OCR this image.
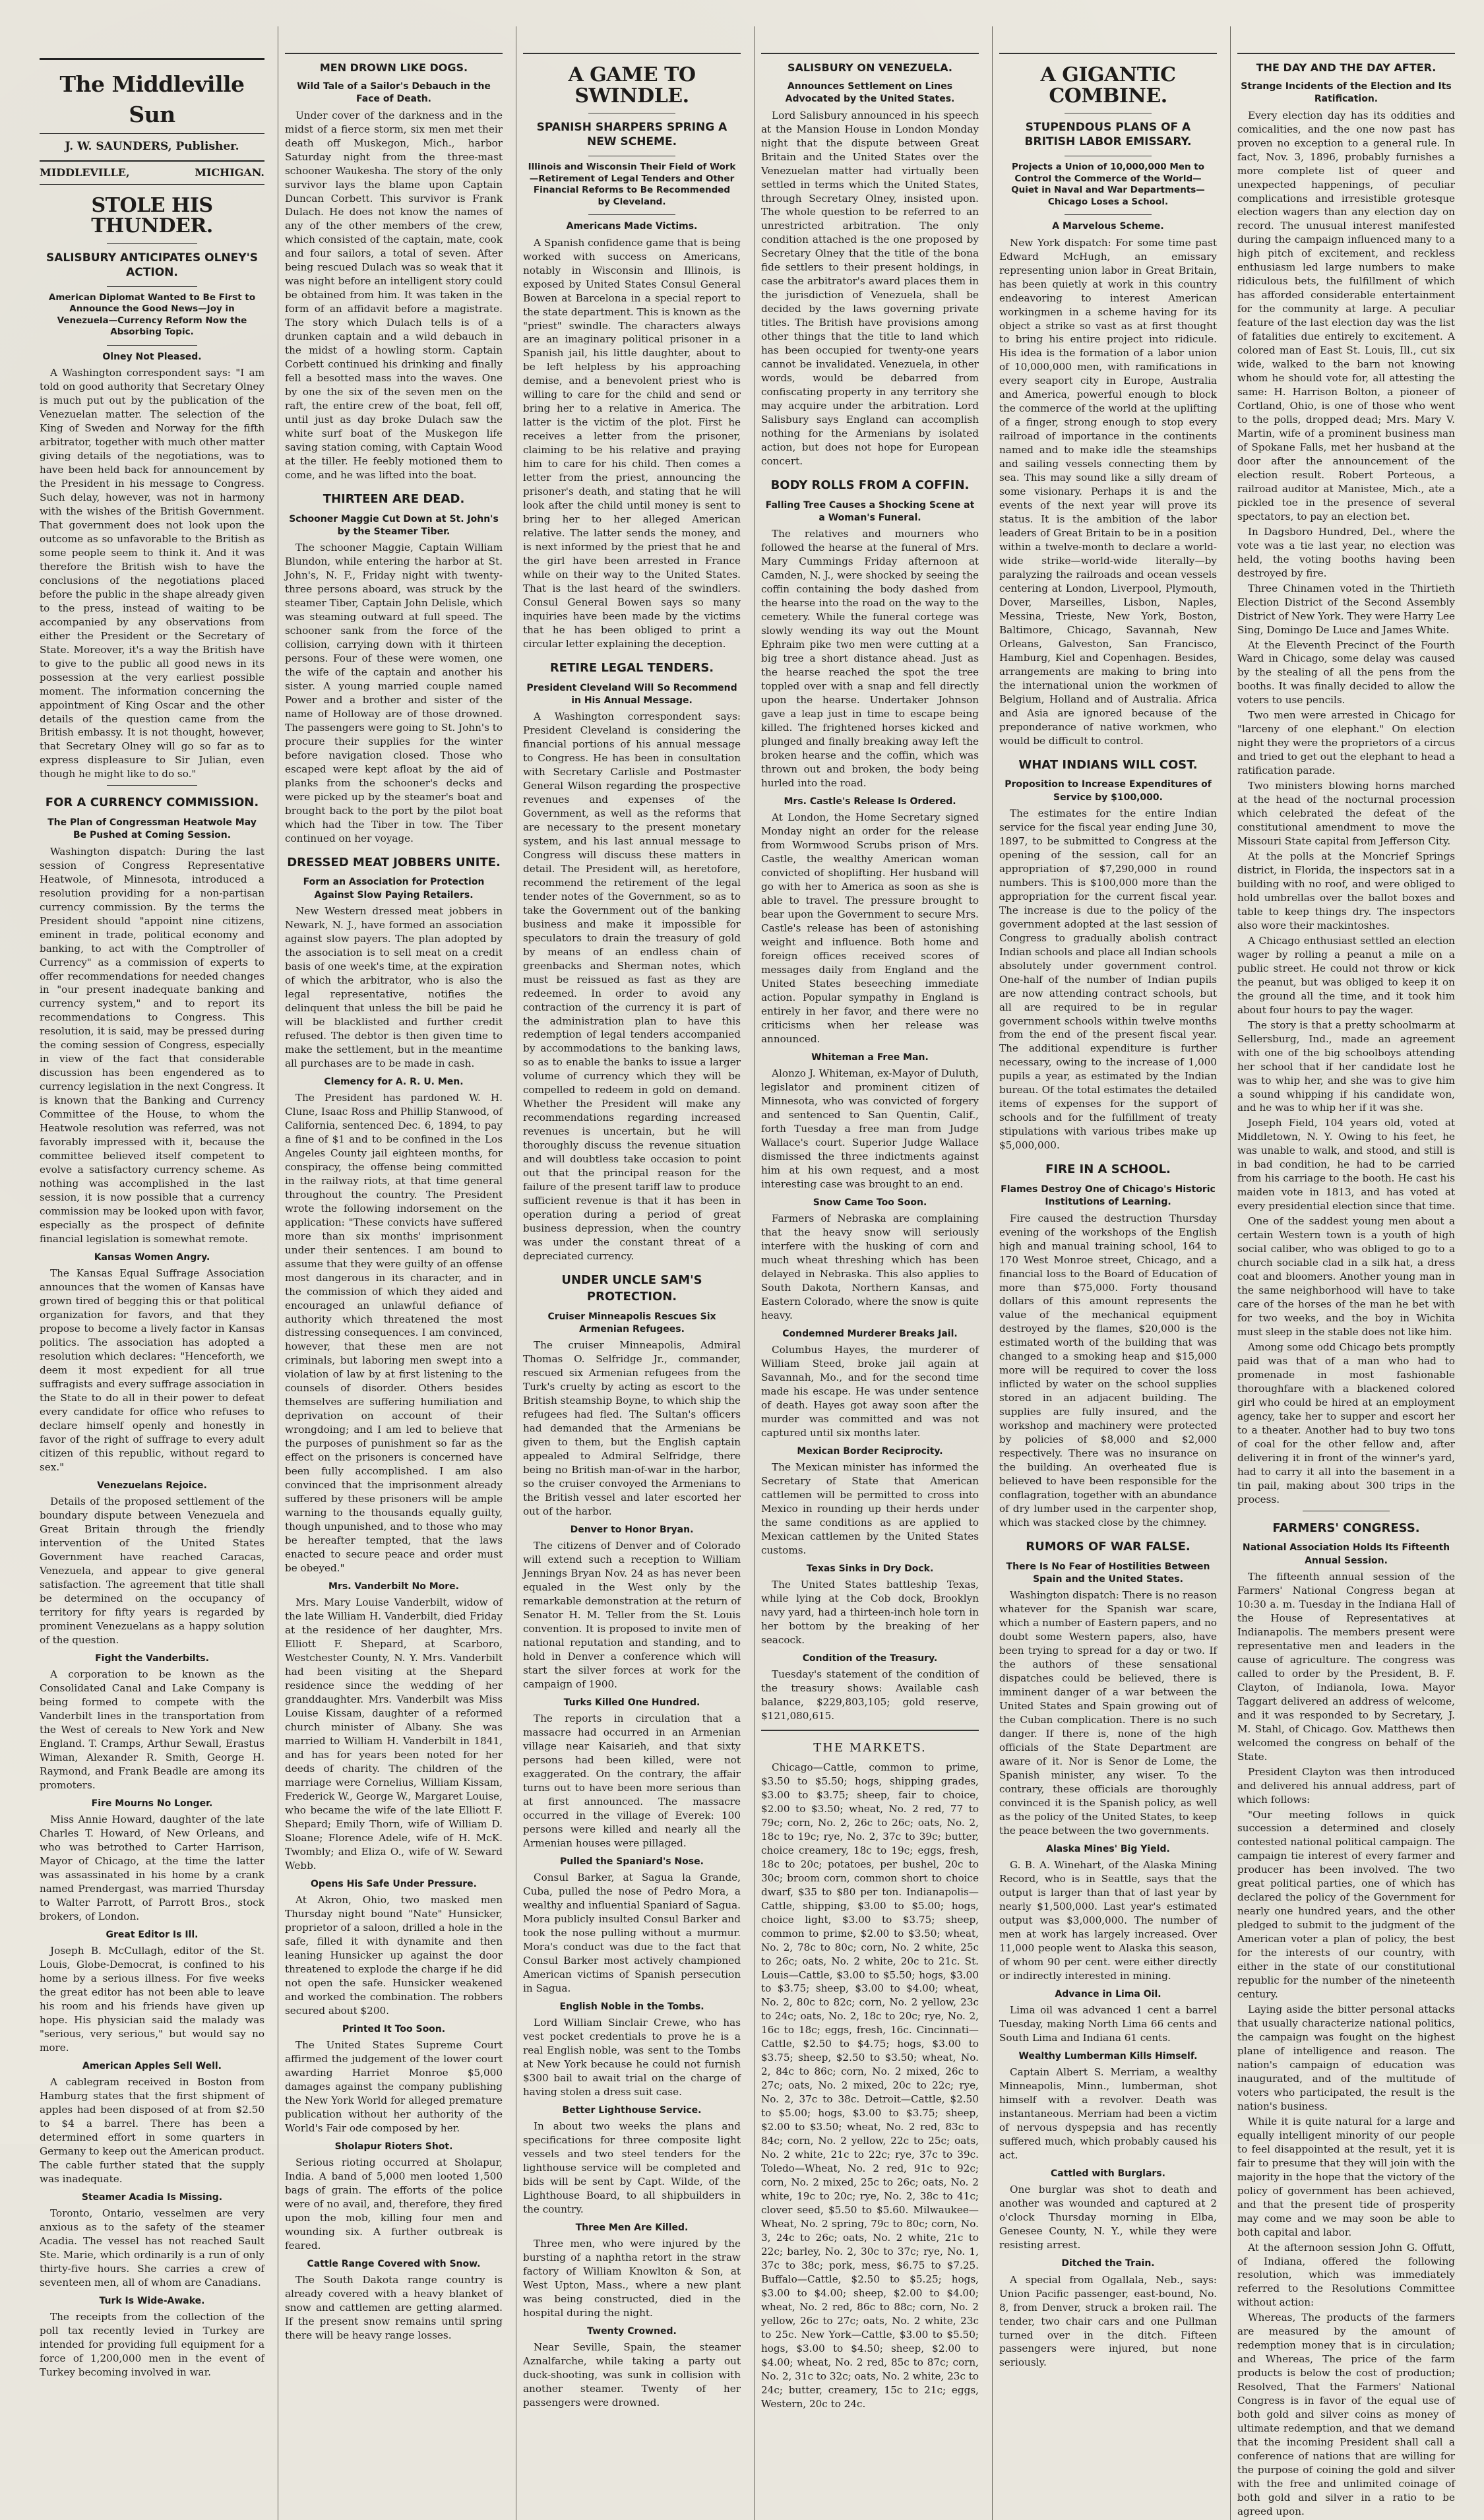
The Middleville Sun
J. W. SAUNDERS, Publisher.
MIDDLEVILLE,	MICHIGAN.
STOLE HIS THUNDER.
SALISBURY ANTICIPATES OLNEY'S ACTION.
American Diplomat Wanted to Be First to Announce the Good News—Joy in Venezuela—Currency Reform Now the Absorbing Topic.
Olney Not Pleased.

A Washington correspondent says: "I am told on good authority that Secretary Olney is much put out by the publication of the Venezuelan matter. The selection of the King of Sweden and Norway for the fifth arbitrator, together with much other matter giving details of the negotiations, was to have been held back for announcement by the President in his message to Congress. Such delay, however, was not in harmony with the wishes of the British Government. That government does not look upon the outcome as so unfavorable to the British as some people seem to think it. And it was therefore the British wish to have the conclusions of the negotiations placed before the public in the shape already given to the press, instead of waiting to be accompanied by any observations from either the President or the Secretary of State. Moreover, it's a way the British have to give to the public all good news in its possession at the very earliest possible moment. The information concerning the appointment of King Oscar and the other details of the question came from the British embassy. It is not thought, however, that Secretary Olney will go so far as to express displeasure to Sir Julian, even though he might like to do so."

FOR A CURRENCY COMMISSION.
The Plan of Congressman Heatwole May Be Pushed at Coming Session.

Washington dispatch: During the last session of Congress Representative Heatwole, of Minnesota, introduced a resolution providing for a non-partisan currency commission. By the terms the President should "appoint nine citizens, eminent in trade, political economy and banking, to act with the Comptroller of Currency" as a commission of experts to offer recommendations for needed changes in "our present inadequate banking and currency system," and to report its recommendations to Congress. This resolution, it is said, may be pressed during the coming session of Congress, especially in view of the fact that considerable discussion has been engendered as to currency legislation in the next Congress. It is known that the Banking and Currency Committee of the House, to whom the Heatwole resolution was referred, was not favorably impressed with it, because the committee believed itself competent to evolve a satisfactory currency scheme. As nothing was accomplished in the last session, it is now possible that a currency commission may be looked upon with favor, especially as the prospect of definite financial legislation is somewhat remote.

Kansas Women Angry.

The Kansas Equal Suffrage Association announces that the women of Kansas have grown tired of begging this or that political organization for favors, and that they propose to become a lively factor in Kansas politics. The association has adopted a resolution which declares: "Henceforth, we deem it most expedient for all true suffragists and every suffrage association in the State to do all in their power to defeat every candidate for office who refuses to declare himself openly and honestly in favor of the right of suffrage to every adult citizen of this republic, without regard to sex."

Venezuelans Rejoice.

Details of the proposed settlement of the boundary dispute between Venezuela and Great Britain through the friendly intervention of the United States Government have reached Caracas, Venezuela, and appear to give general satisfaction. The agreement that title shall be determined on the occupancy of territory for fifty years is regarded by prominent Venezuelans as a happy solution of the question.

Fight the Vanderbilts.

A corporation to be known as the Consolidated Canal and Lake Company is being formed to compete with the Vanderbilt lines in the transportation from the West of cereals to New York and New England. T. Cramps, Arthur Sewall, Erastus Wiman, Alexander R. Smith, George H. Raymond, and Frank Beadle are among its promoters.

Fire Mourns No Longer.

Miss Annie Howard, daughter of the late Charles T. Howard, of New Orleans, and who was betrothed to Carter Harrison, Mayor of Chicago, at the time the latter was assassinated in his home by a crank named Prendergast, was married Thursday to Walter Parrott, of Parrott Bros., stock brokers, of London.

Great Editor Is Ill.

Joseph B. McCullagh, editor of the St. Louis, Globe-Democrat, is confined to his home by a serious illness. For five weeks the great editor has not been able to leave his room and his friends have given up hope. His physician said the malady was "serious, very serious," but would say no more.

American Apples Sell Well.

A cablegram received in Boston from Hamburg states that the first shipment of apples had been disposed of at from $2.50 to $4 a barrel. There has been a determined effort in some quarters in Germany to keep out the American product. The cable further stated that the supply was inadequate.

Steamer Acadia Is Missing.

Toronto, Ontario, vesselmen are very anxious as to the safety of the steamer Acadia. The vessel has not reached Sault Ste. Marie, which ordinarily is a run of only thirty-five hours. She carries a crew of seventeen men, all of whom are Canadians.

Turk Is Wide-Awake.

The receipts from the collection of the poll tax recently levied in Turkey are intended for providing full equipment for a force of 1,200,000 men in the event of Turkey becoming involved in war.

MEN DROWN LIKE DOGS.
Wild Tale of a Sailor's Debauch in the Face of Death.

Under cover of the darkness and in the midst of a fierce storm, six men met their death off Muskegon, Mich., harbor Saturday night from the three-mast schooner Waukesha. The story of the only survivor lays the blame upon Captain Duncan Corbett. This survivor is Frank Dulach. He does not know the names of any of the other members of the crew, which consisted of the captain, mate, cook and four sailors, a total of seven. After being rescued Dulach was so weak that it was night before an intelligent story could be obtained from him. It was taken in the form of an affidavit before a magistrate. The story which Dulach tells is of a drunken captain and a wild debauch in the midst of a howling storm. Captain Corbett continued his drinking and finally fell a besotted mass into the waves. One by one the six of the seven men on the raft, the entire crew of the boat, fell off, until just as day broke Dulach saw the white surf boat of the Muskegon life saving station coming, with Captain Wood at the tiller. He feebly motioned them to come, and he was lifted into the boat.

THIRTEEN ARE DEAD.
Schooner Maggie Cut Down at St. John's by the Steamer Tiber.

The schooner Maggie, Captain William Blundon, while entering the harbor at St. John's, N. F., Friday night with twenty-three persons aboard, was struck by the steamer Tiber, Captain John Delisle, which was steaming outward at full speed. The schooner sank from the force of the collision, carrying down with it thirteen persons. Four of these were women, one the wife of the captain and another his sister. A young married couple named Power and a brother and sister of the name of Holloway are of those drowned. The passengers were going to St. John's to procure their supplies for the winter before navigation closed. Those who escaped were kept afloat by the aid of planks from the schooner's decks and were picked up by the steamer's boat and brought back to the port by the pilot boat which had the Tiber in tow. The Tiber continued on her voyage.

DRESSED MEAT JOBBERS UNITE.
Form an Association for Protection Against Slow Paying Retailers.

New Western dressed meat jobbers in Newark, N. J., have formed an association against slow payers. The plan adopted by the association is to sell meat on a credit basis of one week's time, at the expiration of which the arbitrator, who is also the legal representative, notifies the delinquent that unless the bill be paid he will be blacklisted and further credit refused. The debtor is then given time to make the settlement, but in the meantime all purchases are to be made in cash.

Clemency for A. R. U. Men.

The President has pardoned W. H. Clune, Isaac Ross and Phillip Stanwood, of California, sentenced Dec. 6, 1894, to pay a fine of $1 and to be confined in the Los Angeles County jail eighteen months, for conspiracy, the offense being committed in the railway riots, at that time general throughout the country. The President wrote the following indorsement on the application: "These convicts have suffered more than six months' imprisonment under their sentences. I am bound to assume that they were guilty of an offense most dangerous in its character, and in the commission of which they aided and encouraged an unlawful defiance of authority which threatened the most distressing consequences. I am convinced, however, that these men are not criminals, but laboring men swept into a violation of law by at first listening to the counsels of disorder. Others besides themselves are suffering humiliation and deprivation on account of their wrongdoing; and I am led to believe that the purposes of punishment so far as the effect on the prisoners is concerned have been fully accomplished. I am also convinced that the imprisonment already suffered by these prisoners will be ample warning to the thousands equally guilty, though unpunished, and to those who may be hereafter tempted, that the laws enacted to secure peace and order must be obeyed."

Mrs. Vanderbilt No More.

Mrs. Mary Louise Vanderbilt, widow of the late William H. Vanderbilt, died Friday at the residence of her daughter, Mrs. Elliott F. Shepard, at Scarboro, Westchester County, N. Y. Mrs. Vanderbilt had been visiting at the Shepard residence since the wedding of her granddaughter. Mrs. Vanderbilt was Miss Louise Kissam, daughter of a reformed church minister of Albany. She was married to William H. Vanderbilt in 1841, and has for years been noted for her deeds of charity. The children of the marriage were Cornelius, William Kissam, Frederick W., George W., Margaret Louise, who became the wife of the late Elliott F. Shepard; Emily Thorn, wife of William D. Sloane; Florence Adele, wife of H. McK. Twombly; and Eliza O., wife of W. Seward Webb.

Opens His Safe Under Pressure.

At Akron, Ohio, two masked men Thursday night bound "Nate" Hunsicker, proprietor of a saloon, drilled a hole in the safe, filled it with dynamite and then leaning Hunsicker up against the door threatened to explode the charge if he did not open the safe. Hunsicker weakened and worked the combination. The robbers secured about $200.

Printed It Too Soon.

The United States Supreme Court affirmed the judgement of the lower court awarding Harriet Monroe $5,000 damages against the company publishing the New York World for alleged premature publication without her authority of the World's Fair ode composed by her.

Sholapur Rioters Shot.

Serious rioting occurred at Sholapur, India. A band of 5,000 men looted 1,500 bags of grain. The efforts of the police were of no avail, and, therefore, they fired upon the mob, killing four men and wounding six. A further outbreak is feared.

Cattle Range Covered with Snow.

The South Dakota range country is already covered with a heavy blanket of snow and cattlemen are getting alarmed. If the present snow remains until spring there will be heavy range losses.

A GAME TO SWINDLE.
SPANISH SHARPERS SPRING A NEW SCHEME.
Illinois and Wisconsin Their Field of Work—Retirement of Legal Tenders and Other Financial Reforms to Be Recommended by Cleveland.
Americans Made Victims.

A Spanish confidence game that is being worked with success on Americans, notably in Wisconsin and Illinois, is exposed by United States Consul General Bowen at Barcelona in a special report to the state department. This is known as the "priest" swindle. The characters always are an imaginary political prisoner in a Spanish jail, his little daughter, about to be left helpless by his approaching demise, and a benevolent priest who is willing to care for the child and send or bring her to a relative in America. The latter is the victim of the plot. First he receives a letter from the prisoner, claiming to be his relative and praying him to care for his child. Then comes a letter from the priest, announcing the prisoner's death, and stating that he will look after the child until money is sent to bring her to her alleged American relative. The latter sends the money, and is next informed by the priest that he and the girl have been arrested in France while on their way to the United States. That is the last heard of the swindlers. Consul General Bowen says so many inquiries have been made by the victims that he has been obliged to print a circular letter explaining the deception.

RETIRE LEGAL TENDERS.
President Cleveland Will So Recommend in His Annual Message.

A Washington correspondent says: President Cleveland is considering the financial portions of his annual message to Congress. He has been in consultation with Secretary Carlisle and Postmaster General Wilson regarding the prospective revenues and expenses of the Government, as well as the reforms that are necessary to the present monetary system, and his last annual message to Congress will discuss these matters in detail. The President will, as heretofore, recommend the retirement of the legal tender notes of the Government, so as to take the Government out of the banking business and make it impossible for speculators to drain the treasury of gold by means of an endless chain of greenbacks and Sherman notes, which must be reissued as fast as they are redeemed. In order to avoid any contraction of the currency it is part of the administration plan to have this redemption of legal tenders accompanied by accommodations to the banking laws, so as to enable the banks to issue a larger volume of currency which they will be compelled to redeem in gold on demand. Whether the President will make any recommendations regarding increased revenues is uncertain, but he will thoroughly discuss the revenue situation and will doubtless take occasion to point out that the principal reason for the failure of the present tariff law to produce sufficient revenue is that it has been in operation during a period of great business depression, when the country was under the constant threat of a depreciated currency.

UNDER UNCLE SAM'S PROTECTION.
Cruiser Minneapolis Rescues Six Armenian Refugees.

The cruiser Minneapolis, Admiral Thomas O. Selfridge Jr., commander, rescued six Armenian refugees from the Turk's cruelty by acting as escort to the British steamship Boyne, to which ship the refugees had fled. The Sultan's officers had demanded that the Armenians be given to them, but the English captain appealed to Admiral Selfridge, there being no British man-of-war in the harbor, so the cruiser convoyed the Armenians to the British vessel and later escorted her out of the harbor.

Denver to Honor Bryan.

The citizens of Denver and of Colorado will extend such a reception to William Jennings Bryan Nov. 24 as has never been equaled in the West only by the remarkable demonstration at the return of Senator H. M. Teller from the St. Louis convention. It is proposed to invite men of national reputation and standing, and to hold in Denver a conference which will start the silver forces at work for the campaign of 1900.

Turks Killed One Hundred.

The reports in circulation that a massacre had occurred in an Armenian village near Kaisarieh, and that sixty persons had been killed, were not exaggerated. On the contrary, the affair turns out to have been more serious than at first announced. The massacre occurred in the village of Everek: 100 persons were killed and nearly all the Armenian houses were pillaged.

Pulled the Spaniard's Nose.

Consul Barker, at Sagua la Grande, Cuba, pulled the nose of Pedro Mora, a wealthy and influential Spaniard of Sagua. Mora publicly insulted Consul Barker and took the nose pulling without a murmur. Mora's conduct was due to the fact that Consul Barker most actively championed American victims of Spanish persecution in Sagua.

English Noble in the Tombs.

Lord William Sinclair Crewe, who has vest pocket credentials to prove he is a real English noble, was sent to the Tombs at New York because he could not furnish $300 bail to await trial on the charge of having stolen a dress suit case.

Better Lighthouse Service.

In about two weeks the plans and specifications for three composite light vessels and two steel tenders for the lighthouse service will be completed and bids will be sent by Capt. Wilde, of the Lighthouse Board, to all shipbuilders in the country.

Three Men Are Killed.

Three men, who were injured by the bursting of a naphtha retort in the straw factory of William Knowlton & Son, at West Upton, Mass., where a new plant was being constructed, died in the hospital during the night.

Twenty Crowned.

Near Seville, Spain, the steamer Aznalfarche, while taking a party out duck-shooting, was sunk in collision with another steamer. Twenty of her passengers were drowned.

SALISBURY ON VENEZUELA.
Announces Settlement on Lines Advocated by the United States.

Lord Salisbury announced in his speech at the Mansion House in London Monday night that the dispute between Great Britain and the United States over the Venezuelan matter had virtually been settled in terms which the United States, through Secretary Olney, insisted upon. The whole question to be referred to an unrestricted arbitration. The only condition attached is the one proposed by Secretary Olney that the title of the bona fide settlers to their present holdings, in case the arbitrator's award places them in the jurisdiction of Venezuela, shall be decided by the laws governing private titles. The British have provisions among other things that the title to land which has been occupied for twenty-one years cannot be invalidated. Venezuela, in other words, would be debarred from confiscating property in any territory she may acquire under the arbitration. Lord Salisbury says England can accomplish nothing for the Armenians by isolated action, but does not hope for European concert.

BODY ROLLS FROM A COFFIN.
Falling Tree Causes a Shocking Scene at a Woman's Funeral.

The relatives and mourners who followed the hearse at the funeral of Mrs. Mary Cummings Friday afternoon at Camden, N. J., were shocked by seeing the coffin containing the body dashed from the hearse into the road on the way to the cemetery. While the funeral cortege was slowly wending its way out the Mount Ephraim pike two men were cutting at a big tree a short distance ahead. Just as the hearse reached the spot the tree toppled over with a snap and fell directly upon the hearse. Undertaker Johnson gave a leap just in time to escape being killed. The frightened horses kicked and plunged and finally breaking away left the broken hearse and the coffin, which was thrown out and broken, the body being hurled into the road.

Mrs. Castle's Release Is Ordered.

At London, the Home Secretary signed Monday night an order for the release from Wormwood Scrubs prison of Mrs. Castle, the wealthy American woman convicted of shoplifting. Her husband will go with her to America as soon as she is able to travel. The pressure brought to bear upon the Government to secure Mrs. Castle's release has been of astonishing weight and influence. Both home and foreign offices received scores of messages daily from England and the United States beseeching immediate action. Popular sympathy in England is entirely in her favor, and there were no criticisms when her release was announced.

Whiteman a Free Man.

Alonzo J. Whiteman, ex-Mayor of Duluth, legislator and prominent citizen of Minnesota, who was convicted of forgery and sentenced to San Quentin, Calif., forth Tuesday a free man from Judge Wallace's court. Superior Judge Wallace dismissed the three indictments against him at his own request, and a most interesting case was brought to an end.

Snow Came Too Soon.

Farmers of Nebraska are complaining that the heavy snow will seriously interfere with the husking of corn and much wheat threshing which has been delayed in Nebraska. This also applies to South Dakota, Northern Kansas, and Eastern Colorado, where the snow is quite heavy.

Condemned Murderer Breaks Jail.

Columbus Hayes, the murderer of William Steed, broke jail again at Savannah, Mo., and for the second time made his escape. He was under sentence of death. Hayes got away soon after the murder was committed and was not captured until six months later.

Mexican Border Reciprocity.

The Mexican minister has informed the Secretary of State that American cattlemen will be permitted to cross into Mexico in rounding up their herds under the same conditions as are applied to Mexican cattlemen by the United States customs.

Texas Sinks in Dry Dock.

The United States battleship Texas, while lying at the Cob dock, Brooklyn navy yard, had a thirteen-inch hole torn in her bottom by the breaking of her seacock.

Condition of the Treasury.

Tuesday's statement of the condition of the treasury shows: Available cash balance, $229,803,105; gold reserve, $121,080,615.

THE MARKETS.

Chicago—Cattle, common to prime, $3.50 to $5.50; hogs, shipping grades, $3.00 to $3.75; sheep, fair to choice, $2.00 to $3.50; wheat, No. 2 red, 77 to 79c; corn, No. 2, 26c to 26c; oats, No. 2, 18c to 19c; rye, No. 2, 37c to 39c; butter, choice creamery, 18c to 19c; eggs, fresh, 18c to 20c; potatoes, per bushel, 20c to 30c; broom corn, common short to choice dwarf, $35 to $80 per ton. Indianapolis—Cattle, shipping, $3.00 to $5.00; hogs, choice light, $3.00 to $3.75; sheep, common to prime, $2.00 to $3.50; wheat, No. 2, 78c to 80c; corn, No. 2 white, 25c to 26c; oats, No. 2 white, 20c to 21c. St. Louis—Cattle, $3.00 to $5.50; hogs, $3.00 to $3.75; sheep, $3.00 to $4.00; wheat, No. 2, 80c to 82c; corn, No. 2 yellow, 23c to 24c; oats, No. 2, 18c to 20c; rye, No. 2, 16c to 18c; eggs, fresh, 16c. Cincinnati—Cattle, $2.50 to $4.75; hogs, $3.00 to $3.75; sheep, $2.50 to $3.50; wheat, No. 2, 84c to 86c; corn, No. 2 mixed, 26c to 27c; oats, No. 2 mixed, 20c to 22c; rye, No. 2, 37c to 38c. Detroit—Cattle, $2.50 to $5.00; hogs, $3.00 to $3.75; sheep, $2.00 to $3.50; wheat, No. 2 red, 83c to 84c; corn, No. 2 yellow, 22c to 25c; oats, No. 2 white, 21c to 22c; rye, 37c to 39c. Toledo—Wheat, No. 2 red, 91c to 92c; corn, No. 2 mixed, 25c to 26c; oats, No. 2 white, 19c to 20c; rye, No. 2, 38c to 41c; clover seed, $5.50 to $5.60. Milwaukee—Wheat, No. 2 spring, 79c to 80c; corn, No. 3, 24c to 26c; oats, No. 2 white, 21c to 22c; barley, No. 2, 30c to 37c; rye, No. 1, 37c to 38c; pork, mess, $6.75 to $7.25. Buffalo—Cattle, $2.50 to $5.25; hogs, $3.00 to $4.00; sheep, $2.00 to $4.00; wheat, No. 2 red, 86c to 88c; corn, No. 2 yellow, 26c to 27c; oats, No. 2 white, 23c to 25c. New York—Cattle, $3.00 to $5.50; hogs, $3.00 to $4.50; sheep, $2.00 to $4.00; wheat, No. 2 red, 85c to 87c; corn, No. 2, 31c to 32c; oats, No. 2 white, 23c to 24c; butter, creamery, 15c to 21c; eggs, Western, 20c to 24c.

A GIGANTIC COMBINE.
STUPENDOUS PLANS OF A BRITISH LABOR EMISSARY.
Projects a Union of 10,000,000 Men to Control the Commerce of the World—Quiet in Naval and War Departments—Chicago Loses a School.
A Marvelous Scheme.

New York dispatch: For some time past Edward McHugh, an emissary representing union labor in Great Britain, has been quietly at work in this country endeavoring to interest American workingmen in a scheme having for its object a strike so vast as at first thought to bring his entire project into ridicule. His idea is the formation of a labor union of 10,000,000 men, with ramifications in every seaport city in Europe, Australia and America, powerful enough to block the commerce of the world at the uplifting of a finger, strong enough to stop every railroad of importance in the continents named and to make idle the steamships and sailing vessels connecting them by sea. This may sound like a silly dream of some visionary. Perhaps it is and the events of the next year will prove its status. It is the ambition of the labor leaders of Great Britain to be in a position within a twelve-month to declare a world-wide strike—world-wide literally—by paralyzing the railroads and ocean vessels centering at London, Liverpool, Plymouth, Dover, Marseilles, Lisbon, Naples, Messina, Trieste, New York, Boston, Baltimore, Chicago, Savannah, New Orleans, Galveston, San Francisco, Hamburg, Kiel and Copenhagen. Besides, arrangements are making to bring into the international union the workmen of Belgium, Holland and of Australia. Africa and Asia are ignored because of the preponderance of native workmen, who would be difficult to control.

WHAT INDIANS WILL COST.
Proposition to Increase Expenditures of Service by $100,000.

The estimates for the entire Indian service for the fiscal year ending June 30, 1897, to be submitted to Congress at the opening of the session, call for an appropriation of $7,290,000 in round numbers. This is $100,000 more than the appropriation for the current fiscal year. The increase is due to the policy of the government adopted at the last session of Congress to gradually abolish contract Indian schools and place all Indian schools absolutely under government control. One-half of the number of Indian pupils are now attending contract schools, but all are required to be in regular government schools within twelve months from the end of the present fiscal year. The additional expenditure is further necessary, owing to the increase of 1,000 pupils a year, as estimated by the Indian bureau. Of the total estimates the detailed items of expenses for the support of schools and for the fulfillment of treaty stipulations with various tribes make up $5,000,000.

FIRE IN A SCHOOL.
Flames Destroy One of Chicago's Historic Institutions of Learning.

Fire caused the destruction Thursday evening of the workshops of the English high and manual training school, 164 to 170 West Monroe street, Chicago, and a financial loss to the Board of Education of more than $75,000. Forty thousand dollars of this amount represents the value of the mechanical equipment destroyed by the flames, $20,000 is the estimated worth of the building that was changed to a smoking heap and $15,000 more will be required to cover the loss inflicted by water on the school supplies stored in an adjacent building. The supplies are fully insured, and the workshop and machinery were protected by policies of $8,000 and $2,000 respectively. There was no insurance on the building. An overheated flue is believed to have been responsible for the conflagration, together with an abundance of dry lumber used in the carpenter shop, which was stacked close by the chimney.

RUMORS OF WAR FALSE.
There Is No Fear of Hostilities Between Spain and the United States.

Washington dispatch: There is no reason whatever for the Spanish war scare, which a number of Eastern papers, and no doubt some Western papers, also, have been trying to spread for a day or two. If the authors of these sensational dispatches could be believed, there is imminent danger of a war between the United States and Spain growing out of the Cuban complication. There is no such danger. If there is, none of the high officials of the State Department are aware of it. Nor is Senor de Lome, the Spanish minister, any wiser. To the contrary, these officials are thoroughly convinced it is the Spanish policy, as well as the policy of the United States, to keep the peace between the two governments.

Alaska Mines' Big Yield.

G. B. A. Winehart, of the Alaska Mining Record, who is in Seattle, says that the output is larger than that of last year by nearly $1,500,000. Last year's estimated output was $3,000,000. The number of men at work has largely increased. Over 11,000 people went to Alaska this season, of whom 90 per cent. were either directly or indirectly interested in mining.

Advance in Lima Oil.

Lima oil was advanced 1 cent a barrel Tuesday, making North Lima 66 cents and South Lima and Indiana 61 cents.

Wealthy Lumberman Kills Himself.

Captain Albert S. Merriam, a wealthy Minneapolis, Minn., lumberman, shot himself with a revolver. Death was instantaneous. Merriam had been a victim of nervous dyspepsia and has recently suffered much, which probably caused his act.

Cattled with Burglars.

One burglar was shot to death and another was wounded and captured at 2 o'clock Thursday morning in Elba, Genesee County, N. Y., while they were resisting arrest.

Ditched the Train.

A special from Ogallala, Neb., says: Union Pacific passenger, east-bound, No. 8, from Denver, struck a broken rail. The tender, two chair cars and one Pullman turned over in the ditch. Fifteen passengers were injured, but none seriously.

THE DAY AND THE DAY AFTER.
Strange Incidents of the Election and Its Ratification.

Every election day has its oddities and comicalities, and the one now past has proven no exception to a general rule. In fact, Nov. 3, 1896, probably furnishes a more complete list of queer and unexpected happenings, of peculiar complications and irresistible grotesque election wagers than any election day on record. The unusual interest manifested during the campaign influenced many to a high pitch of excitement, and reckless enthusiasm led large numbers to make ridiculous bets, the fulfillment of which has afforded considerable entertainment for the community at large. A peculiar feature of the last election day was the list of fatalities due entirely to excitement. A colored man of East St. Louis, Ill., cut six wide, walked to the barn not knowing whom he should vote for, all attesting the same: H. Harrison Bolton, a pioneer of Cortland, Ohio, is one of those who went to the polls, dropped dead; Mrs. Mary V. Martin, wife of a prominent business man of Spokane Falls, met her husband at the door after the announcement of the election result. Robert Porteous, a railroad auditor at Manistee, Mich., ate a pickled toe in the presence of several spectators, to pay an election bet.

In Dagsboro Hundred, Del., where the vote was a tie last year, no election was held, the voting booths having been destroyed by fire.

Three Chinamen voted in the Thirtieth Election District of the Second Assembly District of New York. They were Harry Lee Sing, Domingo De Luce and James White.

At the Eleventh Precinct of the Fourth Ward in Chicago, some delay was caused by the stealing of all the pens from the booths. It was finally decided to allow the voters to use pencils.

Two men were arrested in Chicago for "larceny of one elephant." On election night they were the proprietors of a circus and tried to get out the elephant to head a ratification parade.

Two ministers blowing horns marched at the head of the nocturnal procession which celebrated the defeat of the constitutional amendment to move the Missouri State capital from Jefferson City.

At the polls at the Moncrief Springs district, in Florida, the inspectors sat in a building with no roof, and were obliged to hold umbrellas over the ballot boxes and table to keep things dry. The inspectors also wore their mackintoshes.

A Chicago enthusiast settled an election wager by rolling a peanut a mile on a public street. He could not throw or kick the peanut, but was obliged to keep it on the ground all the time, and it took him about four hours to pay the wager.

The story is that a pretty schoolmarm at Sellersburg, Ind., made an agreement with one of the big schoolboys attending her school that if her candidate lost he was to whip her, and she was to give him a sound whipping if his candidate won, and he was to whip her if it was she.

Joseph Field, 104 years old, voted at Middletown, N. Y. Owing to his feet, he was unable to walk, and stood, and still is in bad condition, he had to be carried from his carriage to the booth. He cast his maiden vote in 1813, and has voted at every presidential election since that time.

One of the saddest young men about a certain Western town is a youth of high social caliber, who was obliged to go to a church sociable clad in a silk hat, a dress coat and bloomers. Another young man in the same neighborhood will have to take care of the horses of the man he bet with for two weeks, and the boy in Wichita must sleep in the stable does not like him.

Among some odd Chicago bets promptly paid was that of a man who had to promenade in most fashionable thoroughfare with a blackened colored girl who could be hired at an employment agency, take her to supper and escort her to a theater. Another had to buy two tons of coal for the other fellow and, after delivering it in front of the winner's yard, had to carry it all into the basement in a tin pail, making about 300 trips in the process.

FARMERS' CONGRESS.
National Association Holds Its Fifteenth Annual Session.

The fifteenth annual session of the Farmers' National Congress began at 10:30 a. m. Tuesday in the Indiana Hall of the House of Representatives at Indianapolis. The members present were representative men and leaders in the cause of agriculture. The congress was called to order by the President, B. F. Clayton, of Indianola, Iowa. Mayor Taggart delivered an address of welcome, and it was responded to by Secretary, J. M. Stahl, of Chicago. Gov. Matthews then welcomed the congress on behalf of the State.

President Clayton was then introduced and delivered his annual address, part of which follows:

"Our meeting follows in quick succession a determined and closely contested national political campaign. The campaign tie interest of every farmer and producer has been involved. The two great political parties, one of which has declared the policy of the Government for nearly one hundred years, and the other pledged to submit to the judgment of the American voter a plan of policy, the best for the interests of our country, with either in the state of our constitutional republic for the number of the nineteenth century.

Laying aside the bitter personal attacks that usually characterize national politics, the campaign was fought on the highest plane of intelligence and reason. The nation's campaign of education was inaugurated, and of the multitude of voters who participated, the result is the nation's business.

While it is quite natural for a large and equally intelligent minority of our people to feel disappointed at the result, yet it is fair to presume that they will join with the majority in the hope that the victory of the policy of government has been achieved, and that the present tide of prosperity may come and we may soon be able to both capital and labor.

At the afternoon session John G. Offutt, of Indiana, offered the following resolution, which was immediately referred to the Resolutions Committee without action:

Whereas, The products of the farmers are measured by the amount of redemption money that is in circulation; and Whereas, The price of the farm products is below the cost of production; Resolved, That the Farmers' National Congress is in favor of the equal use of both gold and silver coins as money of ultimate redemption, and that we demand that the incoming President shall call a conference of nations that are willing for the purpose of coining the gold and silver with the free and unlimited coinage of both gold and silver in a ratio to be agreed upon.
